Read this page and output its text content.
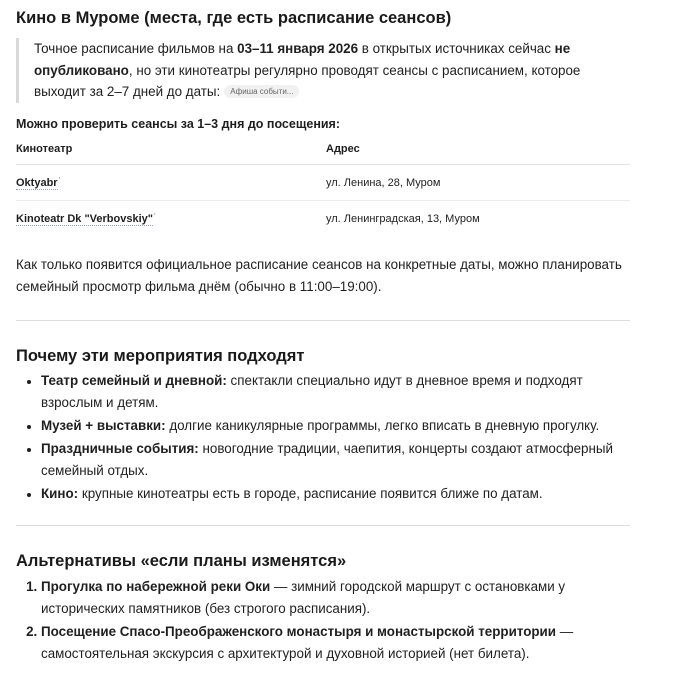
Кино в Муроме (места, где есть расписание сеансов)
Точное расписание фильмов на 03–11 января 2026 в открытых источниках сейчас не опубликовано, но эти кинотеатры регулярно проводят сеансы с расписанием, которое выходит за 2–7 дней до даты: Афиша событи...
Можно проверить сеансы за 1–3 дня до посещения:
Кинотеатр	Адрес
Oktyabr′	ул. Ленина, 28, Муром
Kinoteatr Dk "Verbovskiy"′	ул. Ленинградская, 13, Муром
Как только появится официальное расписание сеансов на конкретные даты, можно планировать семейный просмотр фильма днём (обычно в 11:00–19:00).
Почему эти мероприятия подходят
• Театр семейный и дневной: спектакли специально идут в дневное время и подходят взрослым и детям.
• Музей + выставки: долгие каникулярные программы, легко вписать в дневную прогулку.
• Праздничные события: новогодние традиции, чаепития, концерты создают атмосферный семейный отдых.
• Кино: крупные кинотеатры есть в городе, расписание появится ближе по датам.
Альтернативы «если планы изменятся»
1. Прогулка по набережной реки Оки — зимний городской маршрут с остановками у исторических памятников (без строгого расписания).
2. Посещение Спасо-Преображенского монастыря и монастырской территории — самостоятельная экскурсия с архитектурой и духовной историей (нет билета).
